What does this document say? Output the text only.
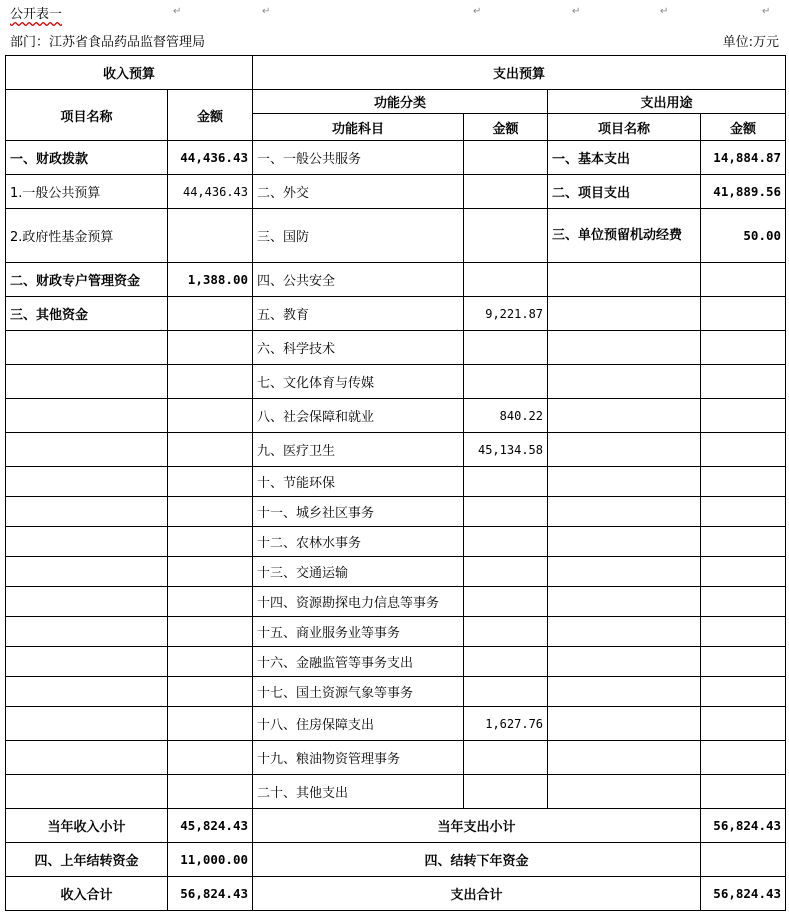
公开表一	↵	↵	↵	↵	↵	↵
部门：江苏省食品药品监督管理局	单位:万元
收入预算		支出预算			
项目名称	金额	功能分类		支出用途	
		功能科目	金额	项目名称	金额
一、财政拨款	44,436.43	一、一般公共服务		一、基本支出	14,884.87
1.一般公共预算	44,436.43	二、外交		二、项目支出	41,889.56
2.政府性基金预算		三、国防		三、单位预留机动经费	50.00
二、财政专户管理资金	1,388.00	四、公共安全			
三、其他资金		五、教育	9,221.87		
		六、科学技术			
		七、文化体育与传媒			
		八、社会保障和就业	840.22		
		九、医疗卫生	45,134.58		
		十、节能环保			
		十一、城乡社区事务			
		十二、农林水事务			
		十三、交通运输			
		十四、资源勘探电力信息等事务			
		十五、商业服务业等事务			
		十六、金融监管等事务支出			
		十七、国土资源气象等事务			
		十八、住房保障支出	1,627.76		
		十九、粮油物资管理事务			
		二十、其他支出			
当年收入小计	45,824.43	当年支出小计			56,824.43
四、上年结转资金	11,000.00	四、结转下年资金			
收入合计	56,824.43	支出合计			56,824.43
